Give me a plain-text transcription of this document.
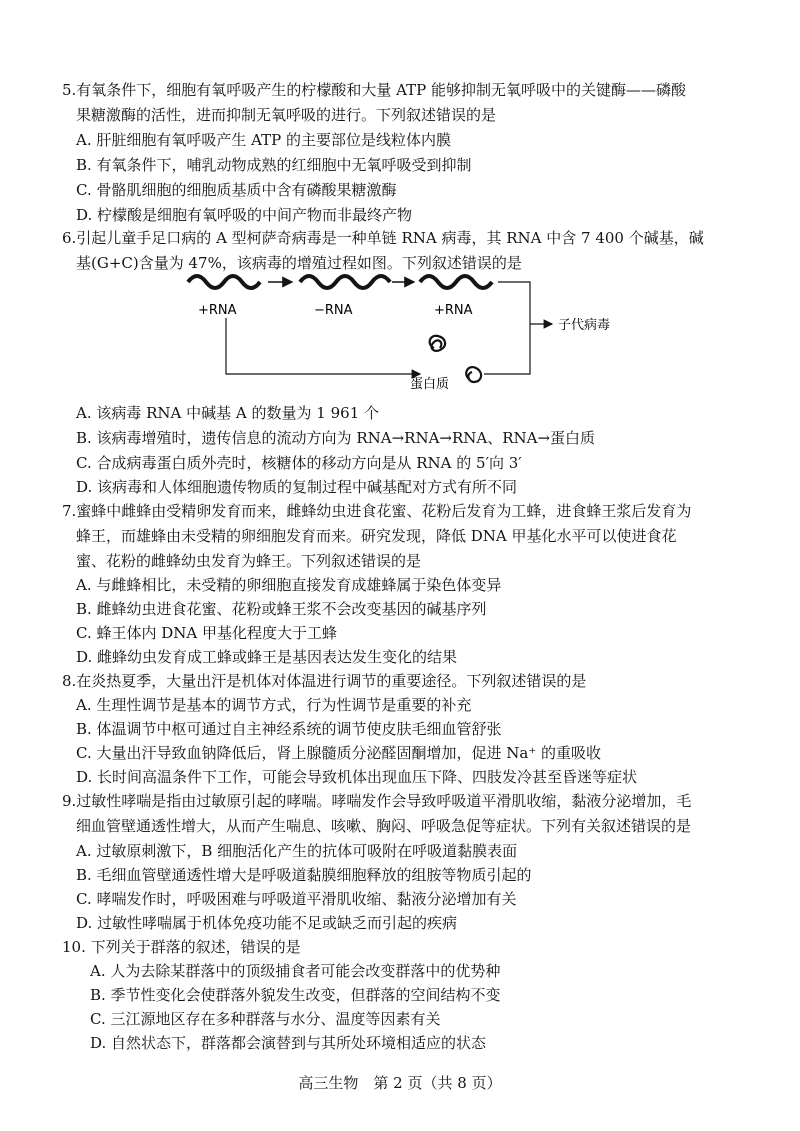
5.有氧条件下，细胞有氧呼吸产生的柠檬酸和大量 ATP 能够抑制无氧呼吸中的关键酶——磷酸
果糖激酶的活性，进而抑制无氧呼吸的进行。下列叙述错误的是
A. 肝脏细胞有氧呼吸产生 ATP 的主要部位是线粒体内膜
B. 有氧条件下，哺乳动物成熟的红细胞中无氧呼吸受到抑制
C. 骨骼肌细胞的细胞质基质中含有磷酸果糖激酶
D. 柠檬酸是细胞有氧呼吸的中间产物而非最终产物
6.引起儿童手足口病的 A 型柯萨奇病毒是一种单链 RNA 病毒，其 RNA 中含 7 400 个碱基，碱
基(G+C)含量为 47%，该病毒的增殖过程如图。下列叙述错误的是
+RNA	−RNA	+RNA
蛋白质
子代病毒
A. 该病毒 RNA 中碱基 A 的数量为 1 961 个
B. 该病毒增殖时，遗传信息的流动方向为 RNA→RNA→RNA、RNA→蛋白质
C. 合成病毒蛋白质外壳时，核糖体的移动方向是从 RNA 的 5′向 3′
D. 该病毒和人体细胞遗传物质的复制过程中碱基配对方式有所不同
7.蜜蜂中雌蜂由受精卵发育而来，雌蜂幼虫进食花蜜、花粉后发育为工蜂，进食蜂王浆后发育为
蜂王，而雄蜂由未受精的卵细胞发育而来。研究发现，降低 DNA 甲基化水平可以使进食花
蜜、花粉的雌蜂幼虫发育为蜂王。下列叙述错误的是
A. 与雌蜂相比，未受精的卵细胞直接发育成雄蜂属于染色体变异
B. 雌蜂幼虫进食花蜜、花粉或蜂王浆不会改变基因的碱基序列
C. 蜂王体内 DNA 甲基化程度大于工蜂
D. 雌蜂幼虫发育成工蜂或蜂王是基因表达发生变化的结果
8.在炎热夏季，大量出汗是机体对体温进行调节的重要途径。下列叙述错误的是
A. 生理性调节是基本的调节方式，行为性调节是重要的补充
B. 体温调节中枢可通过自主神经系统的调节使皮肤毛细血管舒张
C. 大量出汗导致血钠降低后，肾上腺髓质分泌醛固酮增加，促进 Na⁺ 的重吸收
D. 长时间高温条件下工作，可能会导致机体出现血压下降、四肢发冷甚至昏迷等症状
9.过敏性哮喘是指由过敏原引起的哮喘。哮喘发作会导致呼吸道平滑肌收缩，黏液分泌增加，毛
细血管壁通透性增大，从而产生喘息、咳嗽、胸闷、呼吸急促等症状。下列有关叙述错误的是
A. 过敏原刺激下，B 细胞活化产生的抗体可吸附在呼吸道黏膜表面
B. 毛细血管壁通透性增大是呼吸道黏膜细胞释放的组胺等物质引起的
C. 哮喘发作时，呼吸困难与呼吸道平滑肌收缩、黏液分泌增加有关
D. 过敏性哮喘属于机体免疫功能不足或缺乏而引起的疾病
10. 下列关于群落的叙述，错误的是
A. 人为去除某群落中的顶级捕食者可能会改变群落中的优势种
B. 季节性变化会使群落外貌发生改变，但群落的空间结构不变
C. 三江源地区存在多种群落与水分、温度等因素有关
D. 自然状态下，群落都会演替到与其所处环境相适应的状态
高三生物　第 2 页（共 8 页）
